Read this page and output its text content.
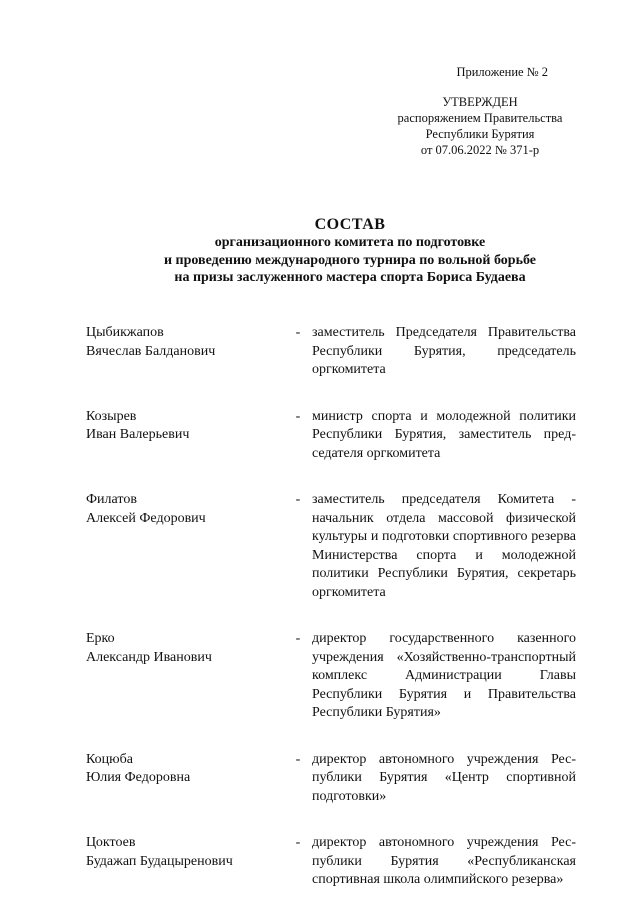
Приложение № 2
УТВЕРЖДЕН
распоряжением Правительства
Республики Бурятия
от 07.06.2022 № 371-р
СОСТАВ
организационного комитета по подготовке
и проведению международного турнира по вольной борьбе
на призы заслуженного мастера спорта Бориса Будаева
Цыбикжапов
Вячеслав Балданович
- заместитель Председателя Правительства Республики Бурятия, председатель оргкомитета
Козырев
Иван Валерьевич
- министр спорта и молодежной политики Республики Бурятия, заместитель председателя оргкомитета
Филатов
Алексей Федорович
- заместитель председателя Комитета - начальник отдела массовой физической культуры и подготовки спортивного резерва Министерства спорта и молодежной политики Республики Бурятия, секретарь оргкомитета
Ерко
Александр Иванович
- директор государственного казенного учреждения «Хозяйственно-транспортный комплекс Администрации Главы Республики Бурятия и Правительства Республики Бурятия»
Коцюба
Юлия Федоровна
- директор автономного учреждения Республики Бурятия «Центр спортивной подготовки»
Цоктоев
Будажап Будацыренович
- директор автономного учреждения Республики Бурятия «Республиканская спортивная школа олимпийского резерва»
